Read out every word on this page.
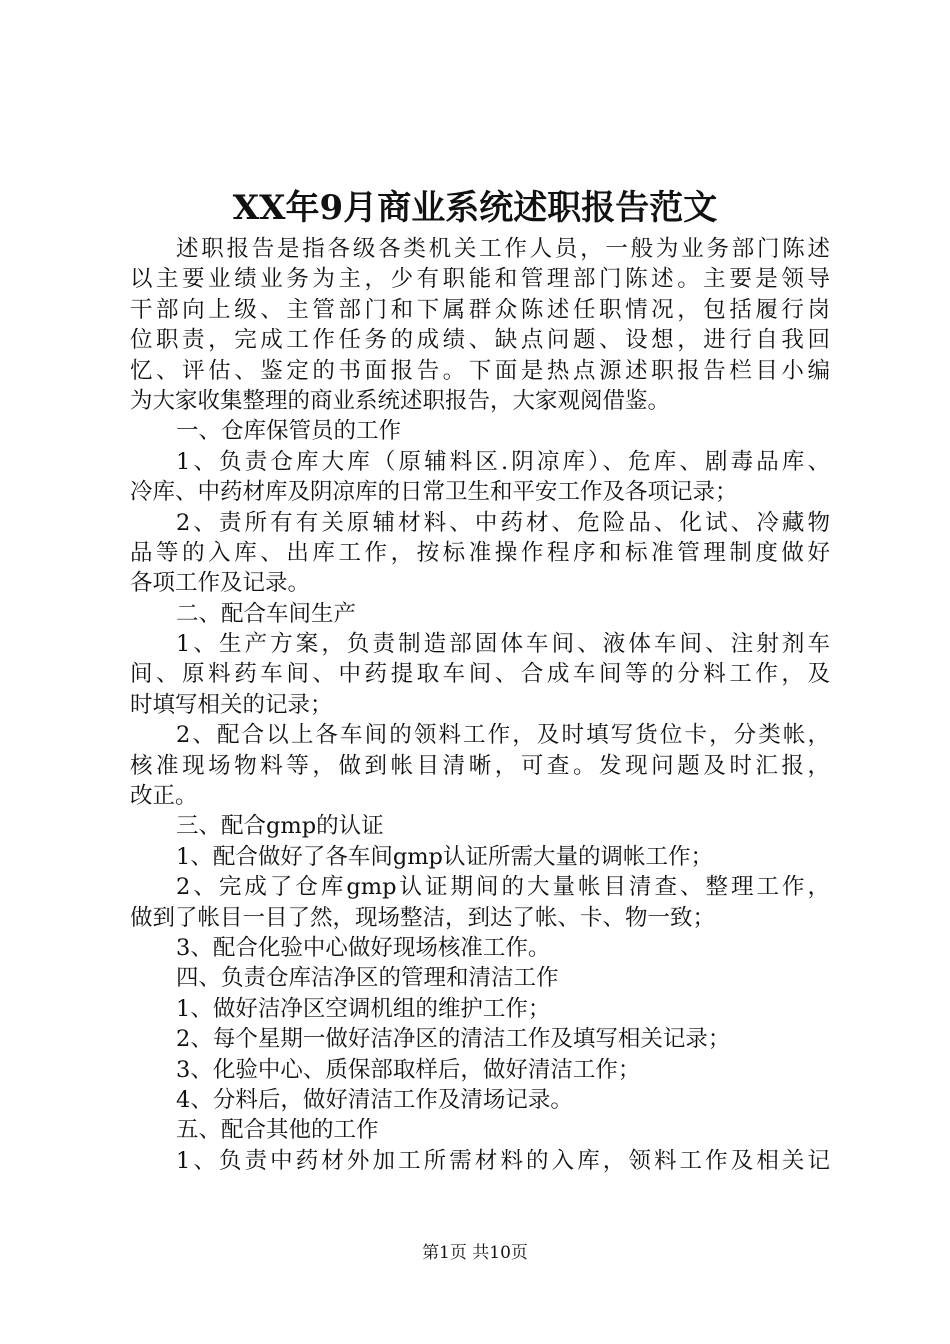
XX年9月商业系统述职报告范文
述职报告是指各级各类机关工作人员，一般为业务部门陈述
以主要业绩业务为主，少有职能和管理部门陈述。主要是领导
干部向上级、主管部门和下属群众陈述任职情况，包括履行岗
位职责，完成工作任务的成绩、缺点问题、设想，进行自我回
忆、评估、鉴定的书面报告。下面是热点源述职报告栏目小编
为大家收集整理的商业系统述职报告，大家观阅借鉴。
一、仓库保管员的工作
1、负责仓库大库（原辅料区.阴凉库）、危库、剧毒品库、
冷库、中药材库及阴凉库的日常卫生和平安工作及各项记录；
2、责所有有关原辅材料、中药材、危险品、化试、冷藏物
品等的入库、出库工作，按标准操作程序和标准管理制度做好
各项工作及记录。
二、配合车间生产
1、生产方案，负责制造部固体车间、液体车间、注射剂车
间、原料药车间、中药提取车间、合成车间等的分料工作，及
时填写相关的记录；
2、配合以上各车间的领料工作，及时填写货位卡，分类帐，
核准现场物料等，做到帐目清晰，可查。发现问题及时汇报，
改正。
三、配合gmp的认证
1、配合做好了各车间gmp认证所需大量的调帐工作；
2、完成了仓库gmp认证期间的大量帐目清查、整理工作，
做到了帐目一目了然，现场整洁，到达了帐、卡、物一致；
3、配合化验中心做好现场核准工作。
四、负责仓库洁净区的管理和清洁工作
1、做好洁净区空调机组的维护工作；
2、每个星期一做好洁净区的清洁工作及填写相关记录；
3、化验中心、质保部取样后，做好清洁工作；
4、分料后，做好清洁工作及清场记录。
五、配合其他的工作
1、负责中药材外加工所需材料的入库，领料工作及相关记
第1页 共10页
